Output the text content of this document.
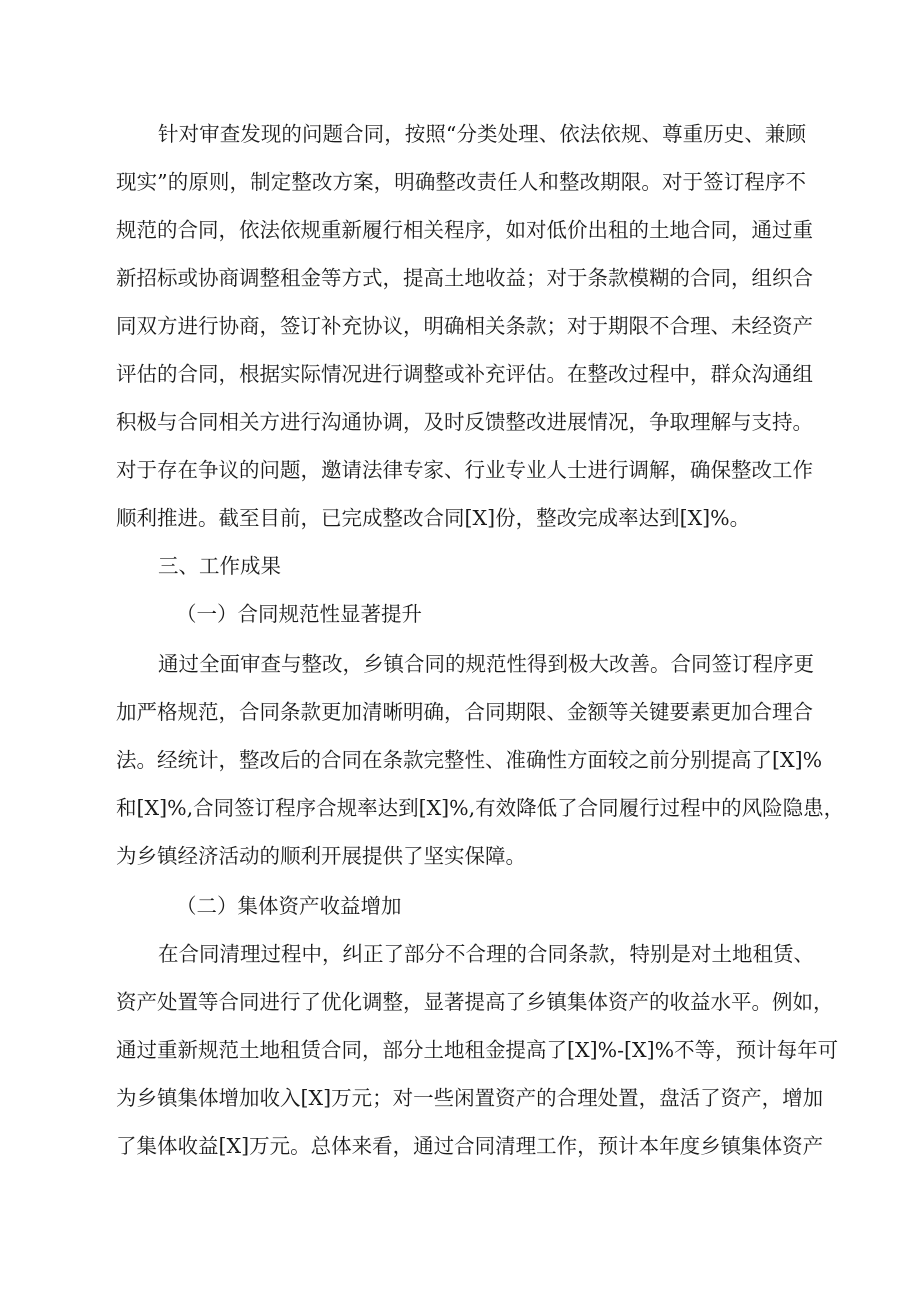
针对审查发现的问题合同，按照“分类处理、依法依规、尊重历史、兼顾
现实”的原则，制定整改方案，明确整改责任人和整改期限。对于签订程序不
规范的合同，依法依规重新履行相关程序，如对低价出租的土地合同，通过重
新招标或协商调整租金等方式，提高土地收益；对于条款模糊的合同，组织合
同双方进行协商，签订补充协议，明确相关条款；对于期限不合理、未经资产
评估的合同，根据实际情况进行调整或补充评估。在整改过程中，群众沟通组
积极与合同相关方进行沟通协调，及时反馈整改进展情况，争取理解与支持。
对于存在争议的问题，邀请法律专家、行业专业人士进行调解，确保整改工作
顺利推进。截至目前，已完成整改合同[X]份，整改完成率达到[X]%。
三、工作成果
（一）合同规范性显著提升
通过全面审查与整改，乡镇合同的规范性得到极大改善。合同签订程序更
加严格规范，合同条款更加清晰明确，合同期限、金额等关键要素更加合理合
法。经统计，整改后的合同在条款完整性、准确性方面较之前分别提高了[X]%
和[X]%,合同签订程序合规率达到[X]%,有效降低了合同履行过程中的风险隐患，
为乡镇经济活动的顺利开展提供了坚实保障。
（二）集体资产收益增加
在合同清理过程中，纠正了部分不合理的合同条款，特别是对土地租赁、
资产处置等合同进行了优化调整，显著提高了乡镇集体资产的收益水平。例如，
通过重新规范土地租赁合同，部分土地租金提高了[X]%-[X]%不等，预计每年可
为乡镇集体增加收入[X]万元；对一些闲置资产的合理处置，盘活了资产，增加
了集体收益[X]万元。总体来看，通过合同清理工作，预计本年度乡镇集体资产
